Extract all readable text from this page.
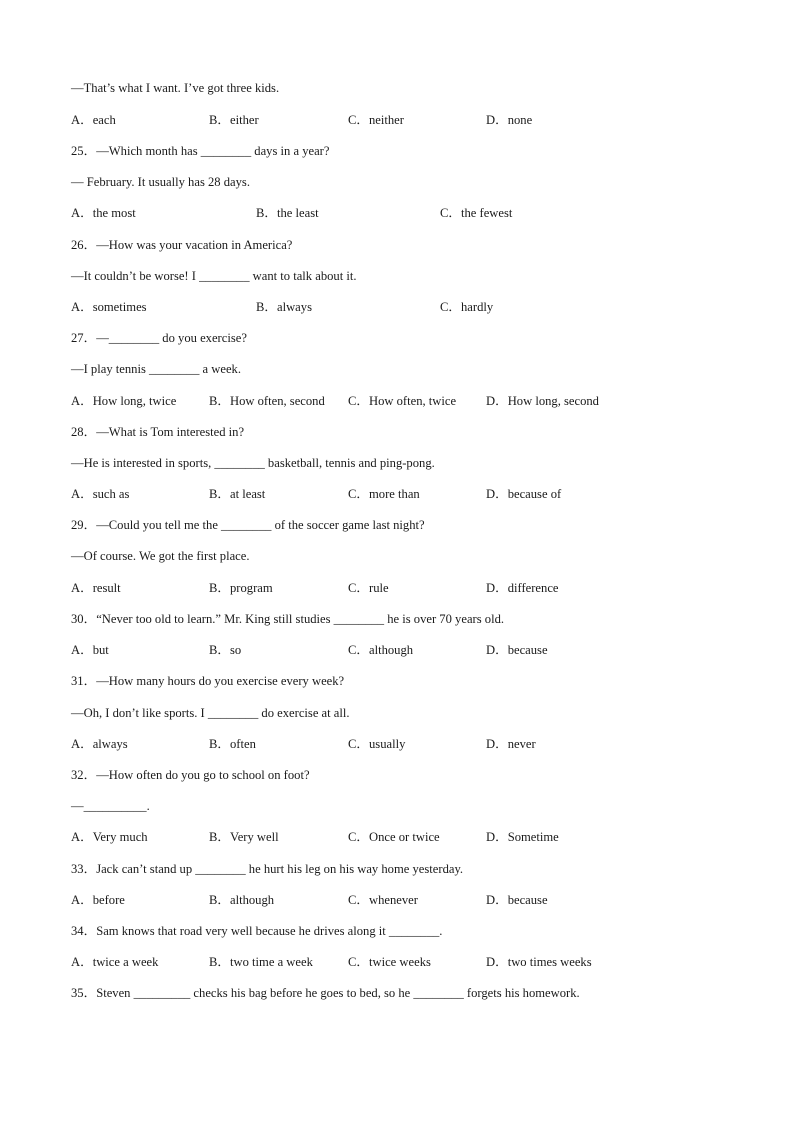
—That’s what I want. I’ve got three kids.
A．each	B．either	C．neither	D．none
25．—Which month has ________ days in a year?
— February. It usually has 28 days.
A．the most	B．the least	C．the fewest
26．—How was your vacation in America?
—It couldn’t be worse! I ________ want to talk about it.
A．sometimes	B．always	C．hardly
27．—________ do you exercise?
—I play tennis ________ a week.
A．How long, twice	B．How often, second C．How often, twice D．How long, second
28．—What is Tom interested in?
—He is interested in sports, ________ basketball, tennis and ping-pong.
A．such as	B．at least	C．more than	D．because of
29．—Could you tell me the ________ of the soccer game last night?
—Of course. We got the first place.
A．result	B．program	C．rule	D．difference
30．“Never too old to learn.” Mr. King still studies ________ he is over 70 years old.
A．but	B．so	C．although	D．because
31．—How many hours do you exercise every week?
—Oh, I don’t like sports. I ________ do exercise at all.
A．always	B．often	C．usually	D．never
32．—How often do you go to school on foot?
—__________.
A．Very much	B．Very well	C．Once or twice	D．Sometime
33．Jack can’t stand up ________ he hurt his leg on his way home yesterday.
A．before	B．although	C．whenever	D．because
34．Sam knows that road very well because he drives along it ________.
A．twice a week	B．two time a week	C．twice weeks	D．two times weeks
35．Steven _________ checks his bag before he goes to bed, so he ________ forgets his homework.
